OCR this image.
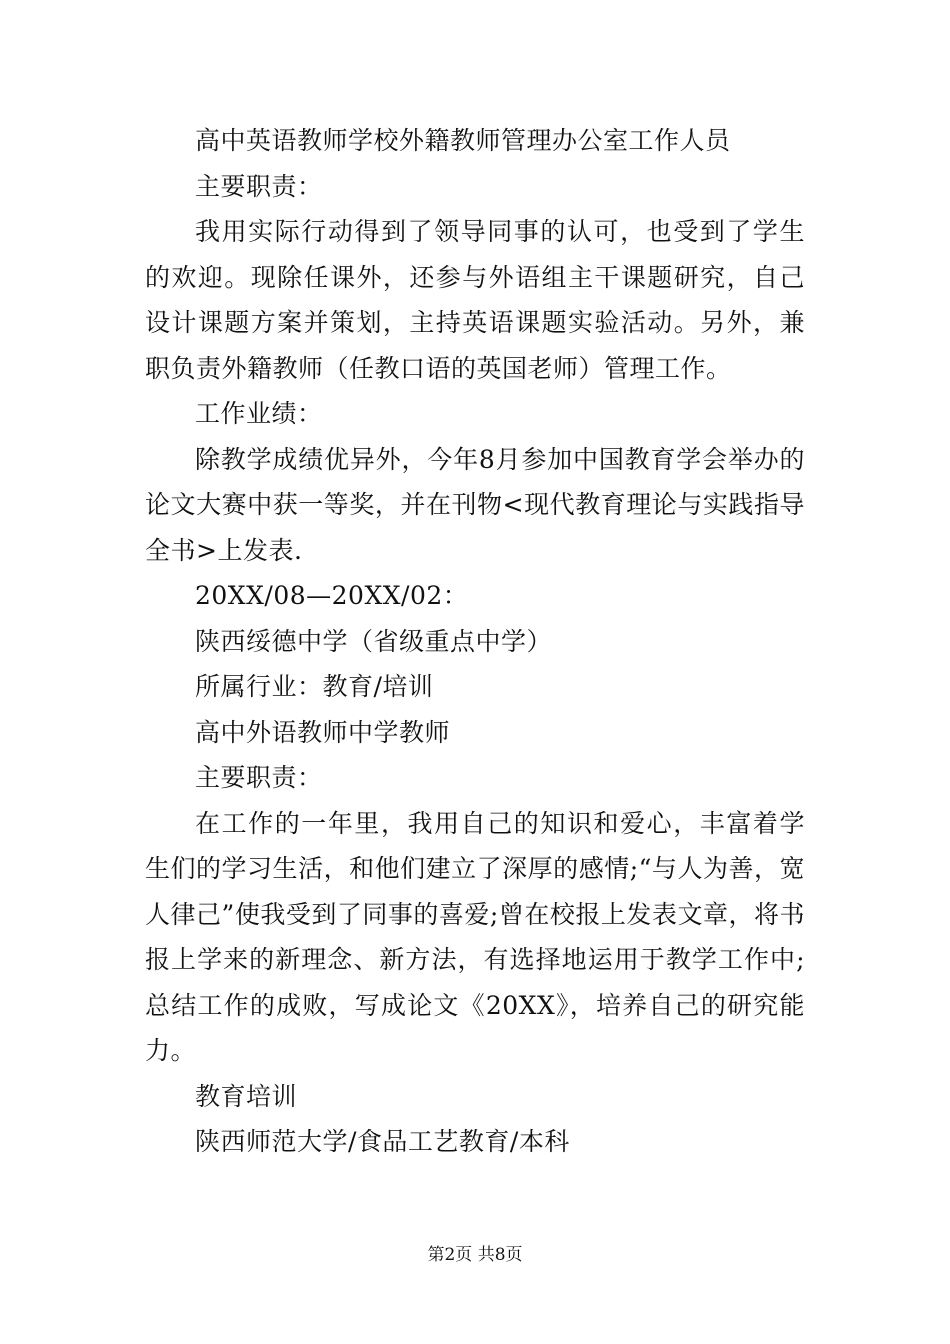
高中英语教师学校外籍教师管理办公室工作人员

主要职责：

我用实际行动得到了领导同事的认可，也受到了学生的欢迎。现除任课外，还参与外语组主干课题研究，自己设计课题方案并策划，主持英语课题实验活动。另外，兼职负责外籍教师（任教口语的英国老师）管理工作。

工作业绩：

除教学成绩优异外，今年8月参加中国教育学会举办的论文大赛中获一等奖，并在刊物<现代教育理论与实践指导全书>上发表.

20XX/08—20XX/02：

陕西绥德中学（省级重点中学）

所属行业：教育/培训

高中外语教师中学教师

主要职责：

在工作的一年里，我用自己的知识和爱心，丰富着学生们的学习生活，和他们建立了深厚的感情;“与人为善，宽人律己”使我受到了同事的喜爱;曾在校报上发表文章，将书报上学来的新理念、新方法，有选择地运用于教学工作中;总结工作的成败，写成论文《20XX》，培养自己的研究能力。

教育培训

陕西师范大学/食品工艺教育/本科

第2页 共8页
